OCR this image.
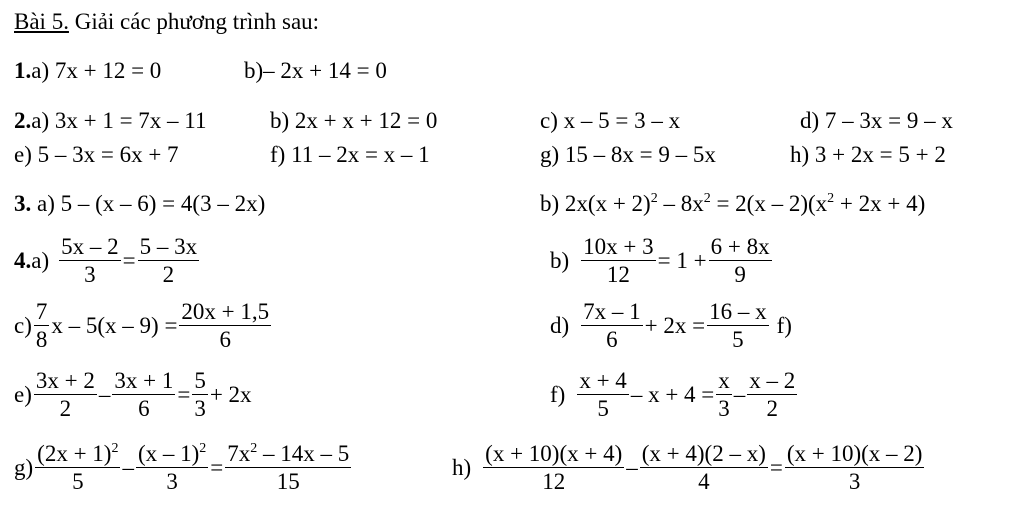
Bài 5. Giải các phương trình sau:
1.a) 7x + 12 = 0	b)– 2x + 14 = 0
2.a) 3x + 1 = 7x – 11	b) 2x + x + 12 = 0	c) x – 5 = 3 – x	d) 7 – 3x = 9 – x
e) 5 – 3x = 6x + 7	f) 11 – 2x = x – 1	g) 15 – 8x = 9 – 5x	h) 3 + 2x = 5 + 2
3. a) 5 – (x – 6) = 4(3 – 2x)	b) $2x(x + 2)^2 - 8x^2 = 2(x - 2)(x^2 + 2x + 4)$
4. $a) \frac{5x - 2}{3} = \frac{5 - 3x}{2}$	$b) \frac{10x + 3}{12} = 1 + \frac{6 + 8x}{9}$
$c) \frac{7}{8}$ $x - 5(x - 9) = \frac{20x + 1,5}{6}$	$d) \frac{7x - 1}{6} + 2x = \frac{16 - x}{5} f$)
$e) \frac{3x + 2}{2} - \frac{3x + 1}{6} = \frac{5}{3} + 2x$	$f) \frac{x + 4}{5} - x + 4 = \frac{x}{3} - \frac{x - 2}{2}$
$g) \frac{(2x + 1)^2}{5} - \frac{(x - 1)^2}{3} = \frac{7x^2 - 14x - 5}{15}$	$h) \frac{(x + 10)(x + 4)}{12} - \frac{(x + 4)(2 - x)}{4} = \frac{(x + 10)(x - 2)}{3}$
